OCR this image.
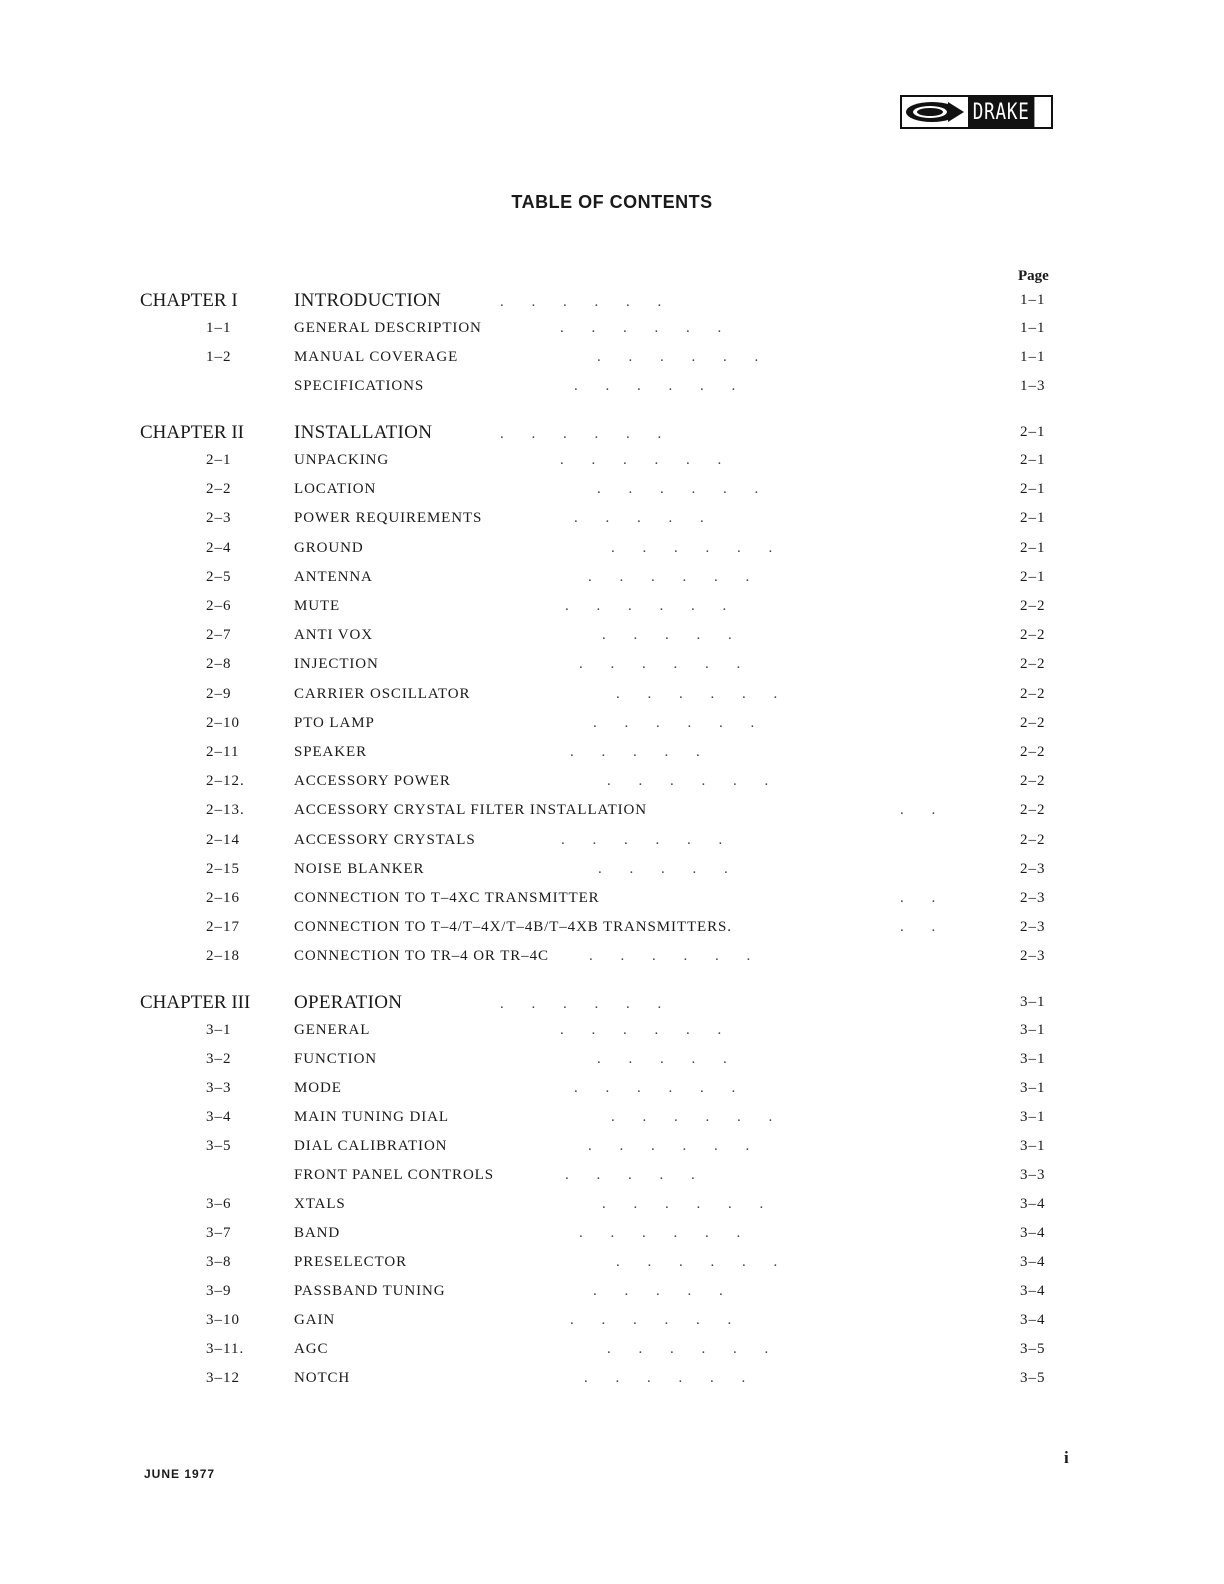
DRAKE
TABLE OF CONTENTS
Page
CHAPTER I	INTRODUCTION	. . . . . .	1–1
1–1	GENERAL DESCRIPTION	. . . . . .	1–1
1–2	MANUAL COVERAGE	. . . . . .	1–1
SPECIFICATIONS	. . . . . .	1–3
CHAPTER II	INSTALLATION	. . . . . .	2–1
2–1	UNPACKING	. . . . . .	2–1
2–2	LOCATION	. . . . . .	2–1
2–3	POWER REQUIREMENTS	. . . . .	2–1
2–4	GROUND	. . . . . .	2–1
2–5	ANTENNA	. . . . . .	2–1
2–6	MUTE	. . . . . .	2–2
2–7	ANTI VOX	. . . . .	2–2
2–8	INJECTION	. . . . . .	2–2
2–9	CARRIER OSCILLATOR	. . . . . .	2–2
2–10	PTO LAMP	. . . . . .	2–2
2–11	SPEAKER	. . . . .	2–2
2–12.	ACCESSORY POWER	. . . . . .	2–2
2–13.	ACCESSORY CRYSTAL FILTER INSTALLATION	. .	2–2
2–14	ACCESSORY CRYSTALS	. . . . . .	2–2
2–15	NOISE BLANKER	. . . . .	2–3
2–16	CONNECTION TO T–4XC TRANSMITTER	. .	2–3
2–17	CONNECTION TO T–4/T–4X/T–4B/T–4XB TRANSMITTERS.	. .	2–3
2–18	CONNECTION TO TR–4 OR TR–4C	. . . . . .	2–3
CHAPTER III OPERATION	. . . . . .	3–1
3–1	GENERAL	. . . . . .	3–1
3–2	FUNCTION	. . . . .	3–1
3–3	MODE	. . . . . .	3–1
3–4	MAIN TUNING DIAL	. . . . . .	3–1
3–5	DIAL CALIBRATION	. . . . . .	3–1
FRONT PANEL CONTROLS	. . . . .	3–3
3–6	XTALS	. . . . . .	3–4
3–7	BAND	. . . . . .	3–4
3–8	PRESELECTOR	. . . . . .	3–4
3–9	PASSBAND TUNING	. . . . .	3–4
3–10	GAIN	. . . . . .	3–4
3–11.	AGC	. . . . . .	3–5
3–12	NOTCH	. . . . . .	3–5
JUNE 1977
i
